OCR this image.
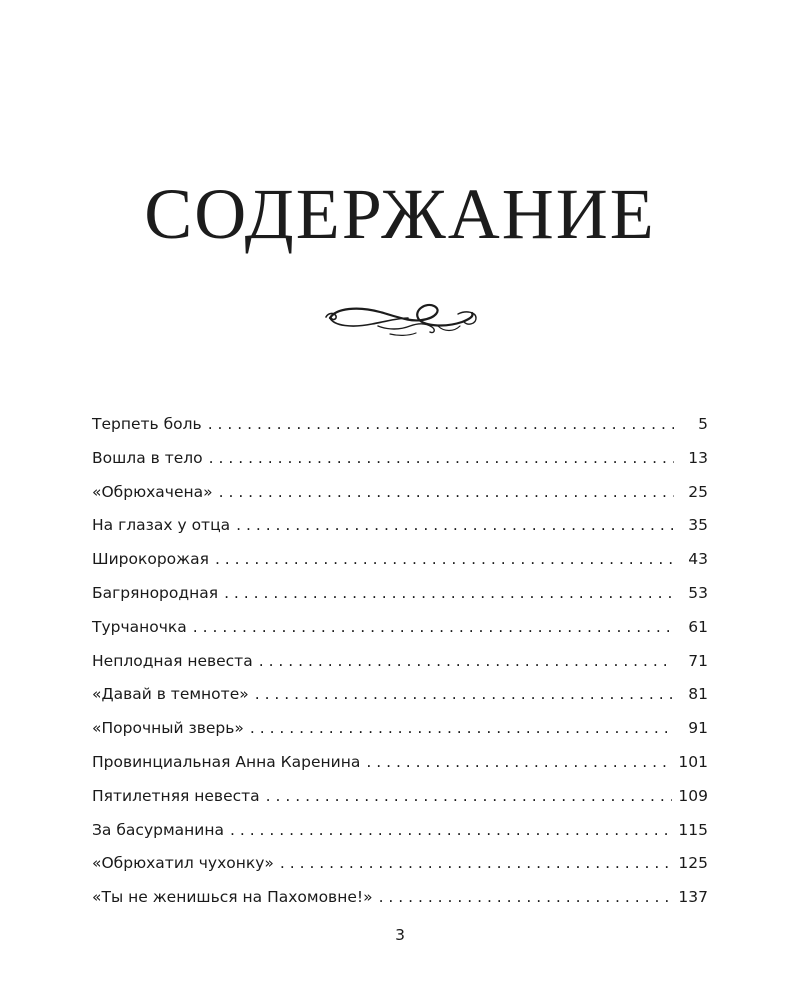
СОДЕРЖАНИЕ
Терпеть боль . . .	5
Вошла в тело . . .	13
«Обрюхачена» . . .	25
На глазах у отца . . .	35
Широкорожая . . .	43
Багрянородная . . .	53
Турчаночка . . .	61
Неплодная невеста . . .	71
«Давай в темноте» . . .	81
«Порочный зверь» . . .	91
Провинциальная Анна Каренина . . .	101
Пятилетняя невеста . . .	109
За басурманина . . .	115
«Обрюхатил чухонку» . . .	125
«Ты не женишься на Пахомовне!» . . .	137
3
